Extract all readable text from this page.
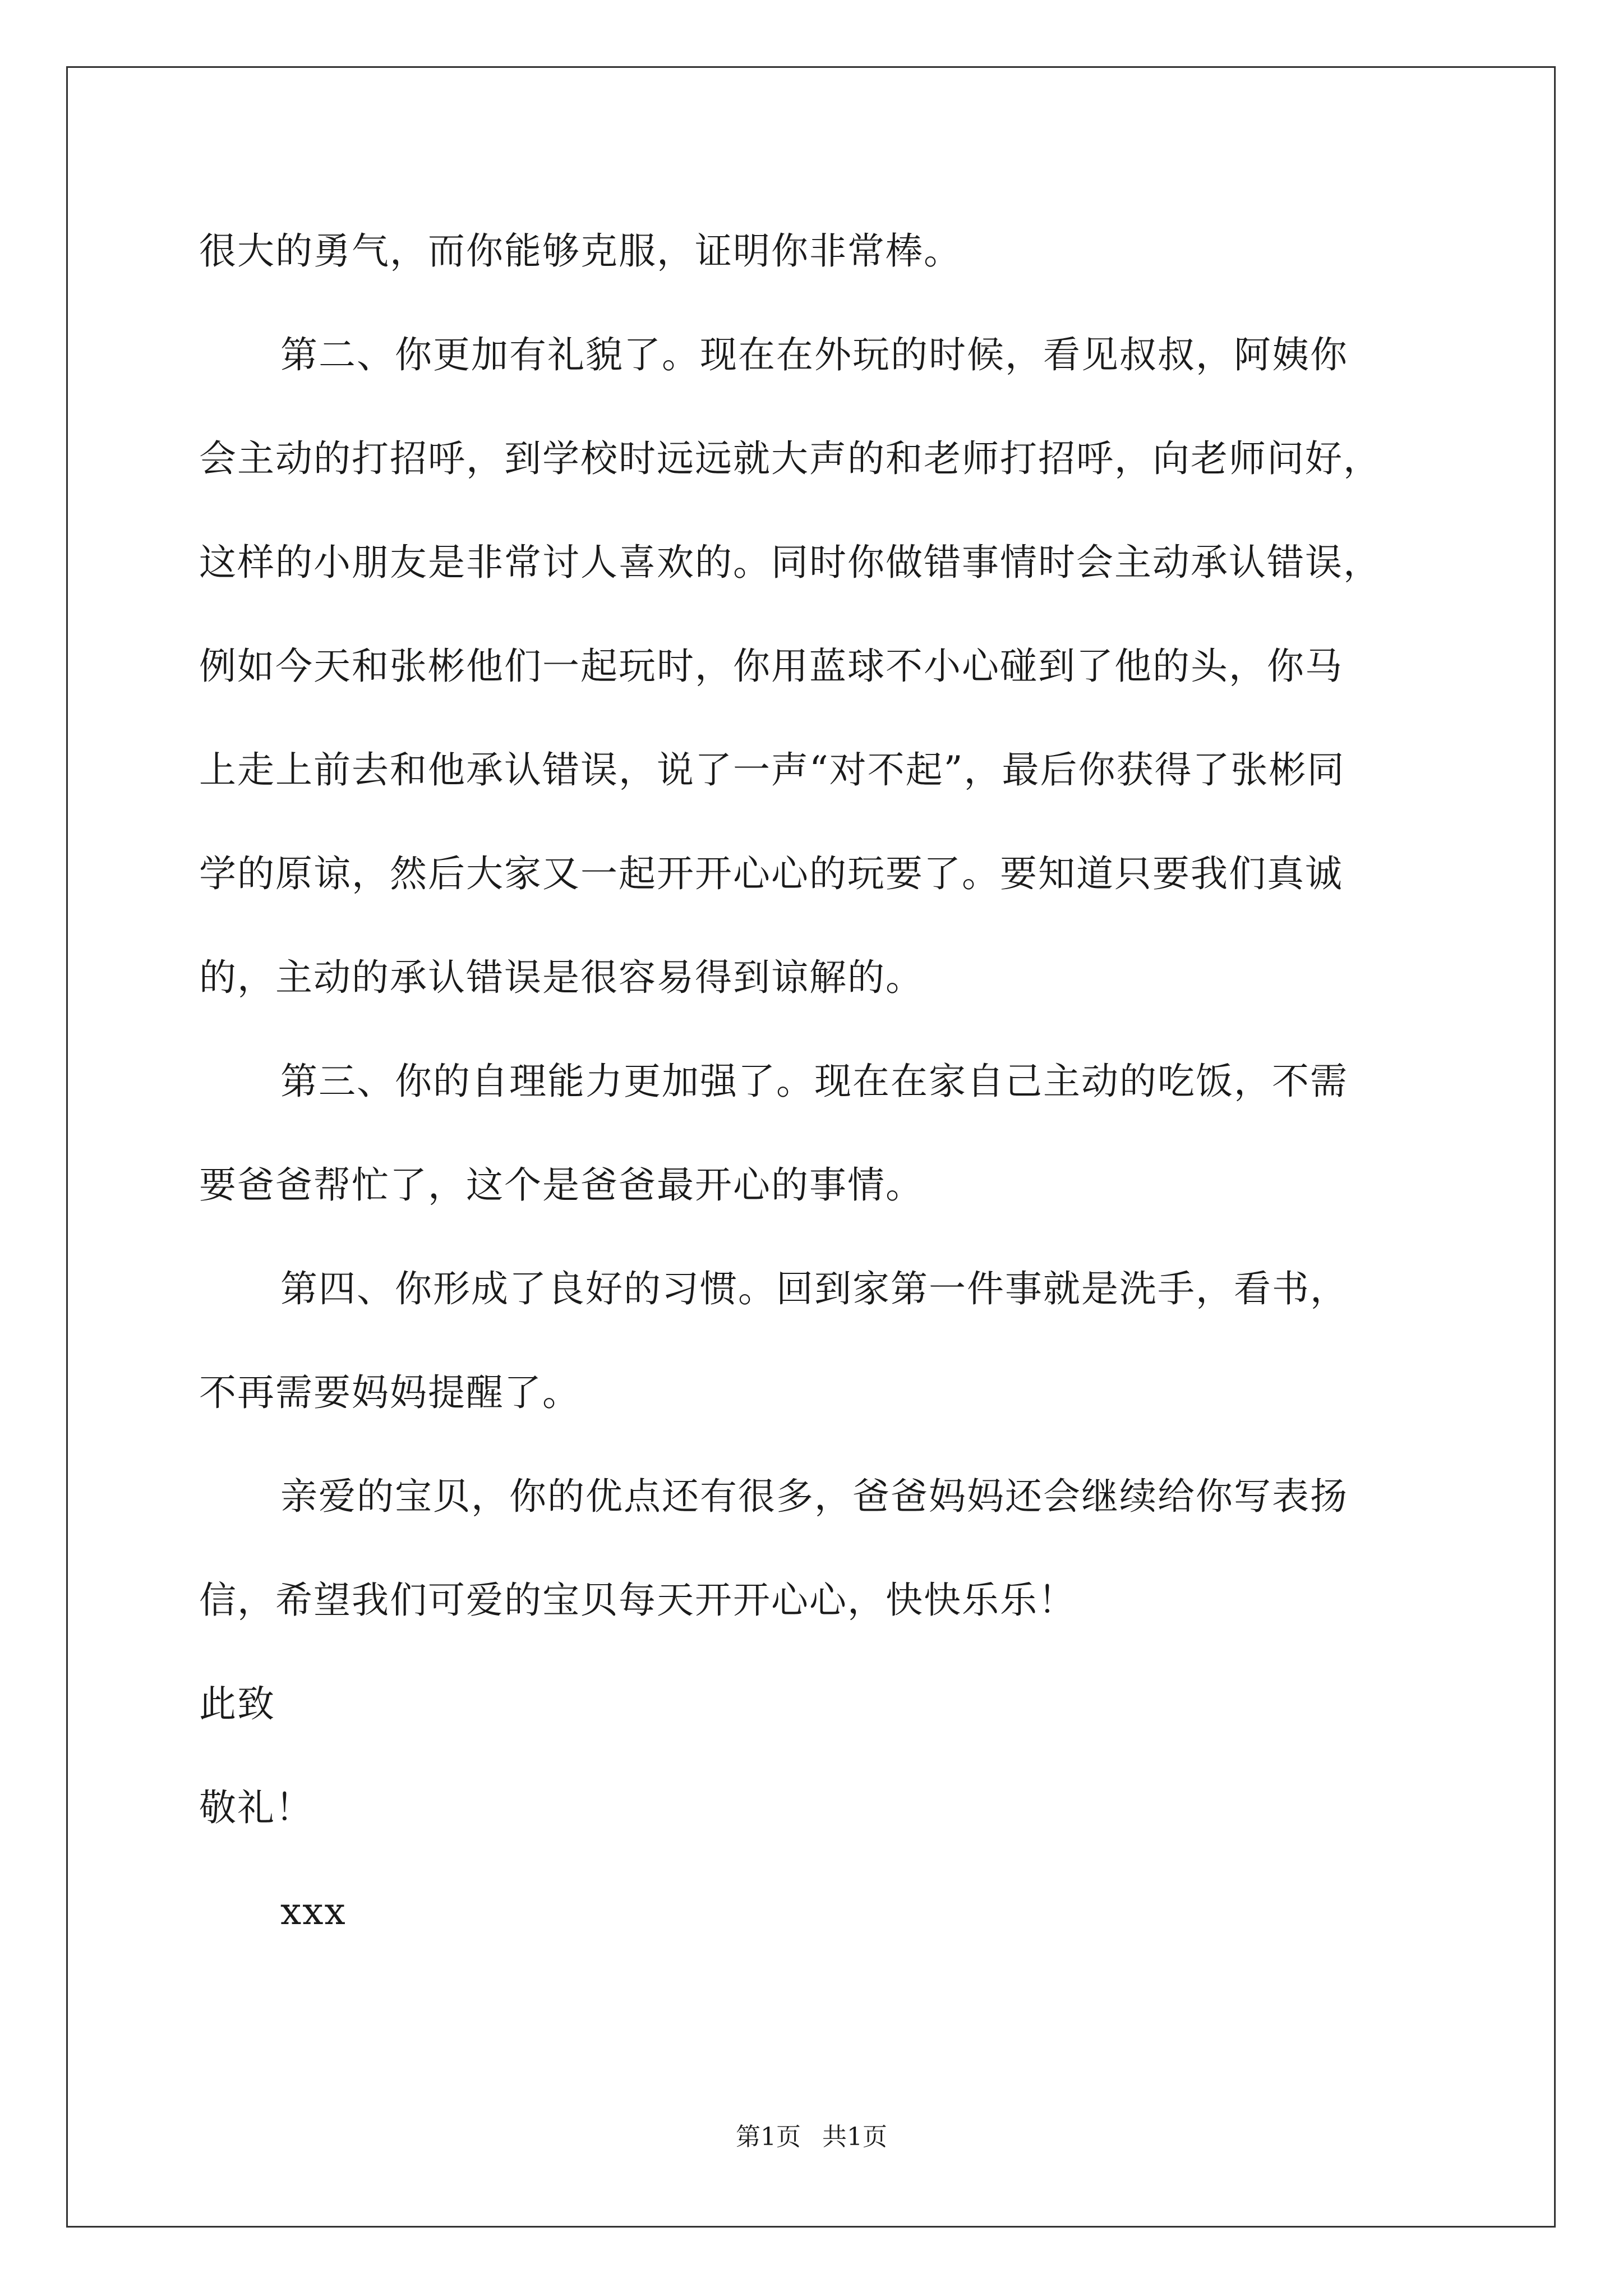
很大的勇气，而你能够克服，证明你非常棒。
第二、你更加有礼貌了。现在在外玩的时候，看见叔叔，阿姨你
会主动的打招呼，到学校时远远就大声的和老师打招呼，向老师问好，
这样的小朋友是非常讨人喜欢的。同时你做错事情时会主动承认错误，
例如今天和张彬他们一起玩时，你用蓝球不小心碰到了他的头，你马
上走上前去和他承认错误，说了一声“对不起”，最后你获得了张彬同
学的原谅，然后大家又一起开开心心的玩要了。要知道只要我们真诚
的，主动的承认错误是很容易得到谅解的。
第三、你的自理能力更加强了。现在在家自己主动的吃饭，不需
要爸爸帮忙了，这个是爸爸最开心的事情。
第四、你形成了良好的习惯。回到家第一件事就是洗手，看书，
不再需要妈妈提醒了。
亲爱的宝贝，你的优点还有很多，爸爸妈妈还会继续给你写表扬
信，希望我们可爱的宝贝每天开开心心，快快乐乐！
此致
敬礼！
xxx
第1页 共1页
